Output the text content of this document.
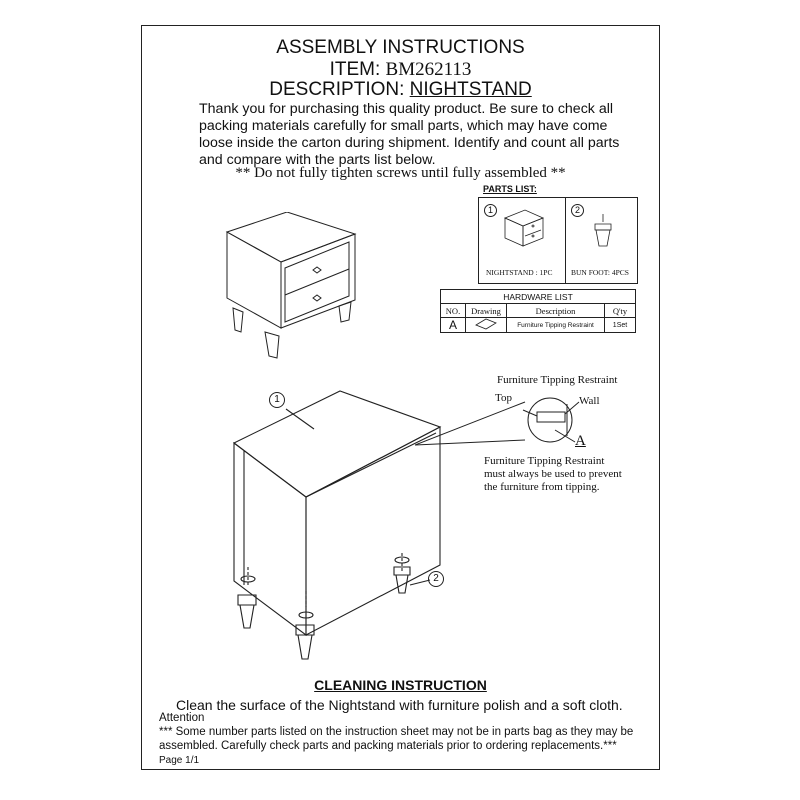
ASSEMBLY INSTRUCTIONS
ITEM: BM262113
DESCRIPTION: NIGHTSTAND
Thank you for purchasing this quality product. Be sure to check all
packing materials carefully for small parts, which may have come
loose inside the carton during shipment. Identify and count all parts
and compare with the parts list below.
** Do not fully tighten screws until fully assembled **
PARTS LIST:
1	2
NIGHTSTAND : 1PC BUN FOOT: 4PCS
HARDWARE LIST			
NO.	Drawing	Description	Q'ty
A		Furniture Tipping Restraint	1Set
1
2
Furniture Tipping Restraint
Top	Wall
A
Furniture Tipping Restraint
must always be used to prevent
the furniture from tipping.
CLEANING INSTRUCTION
Clean the surface of the Nightstand with furniture polish and a soft cloth.
Attention
*** Some number parts listed on the instruction sheet may not be in parts bag as they may be
assembled. Carefully check parts and packing materials prior to ordering replacements.***
Page 1/1
